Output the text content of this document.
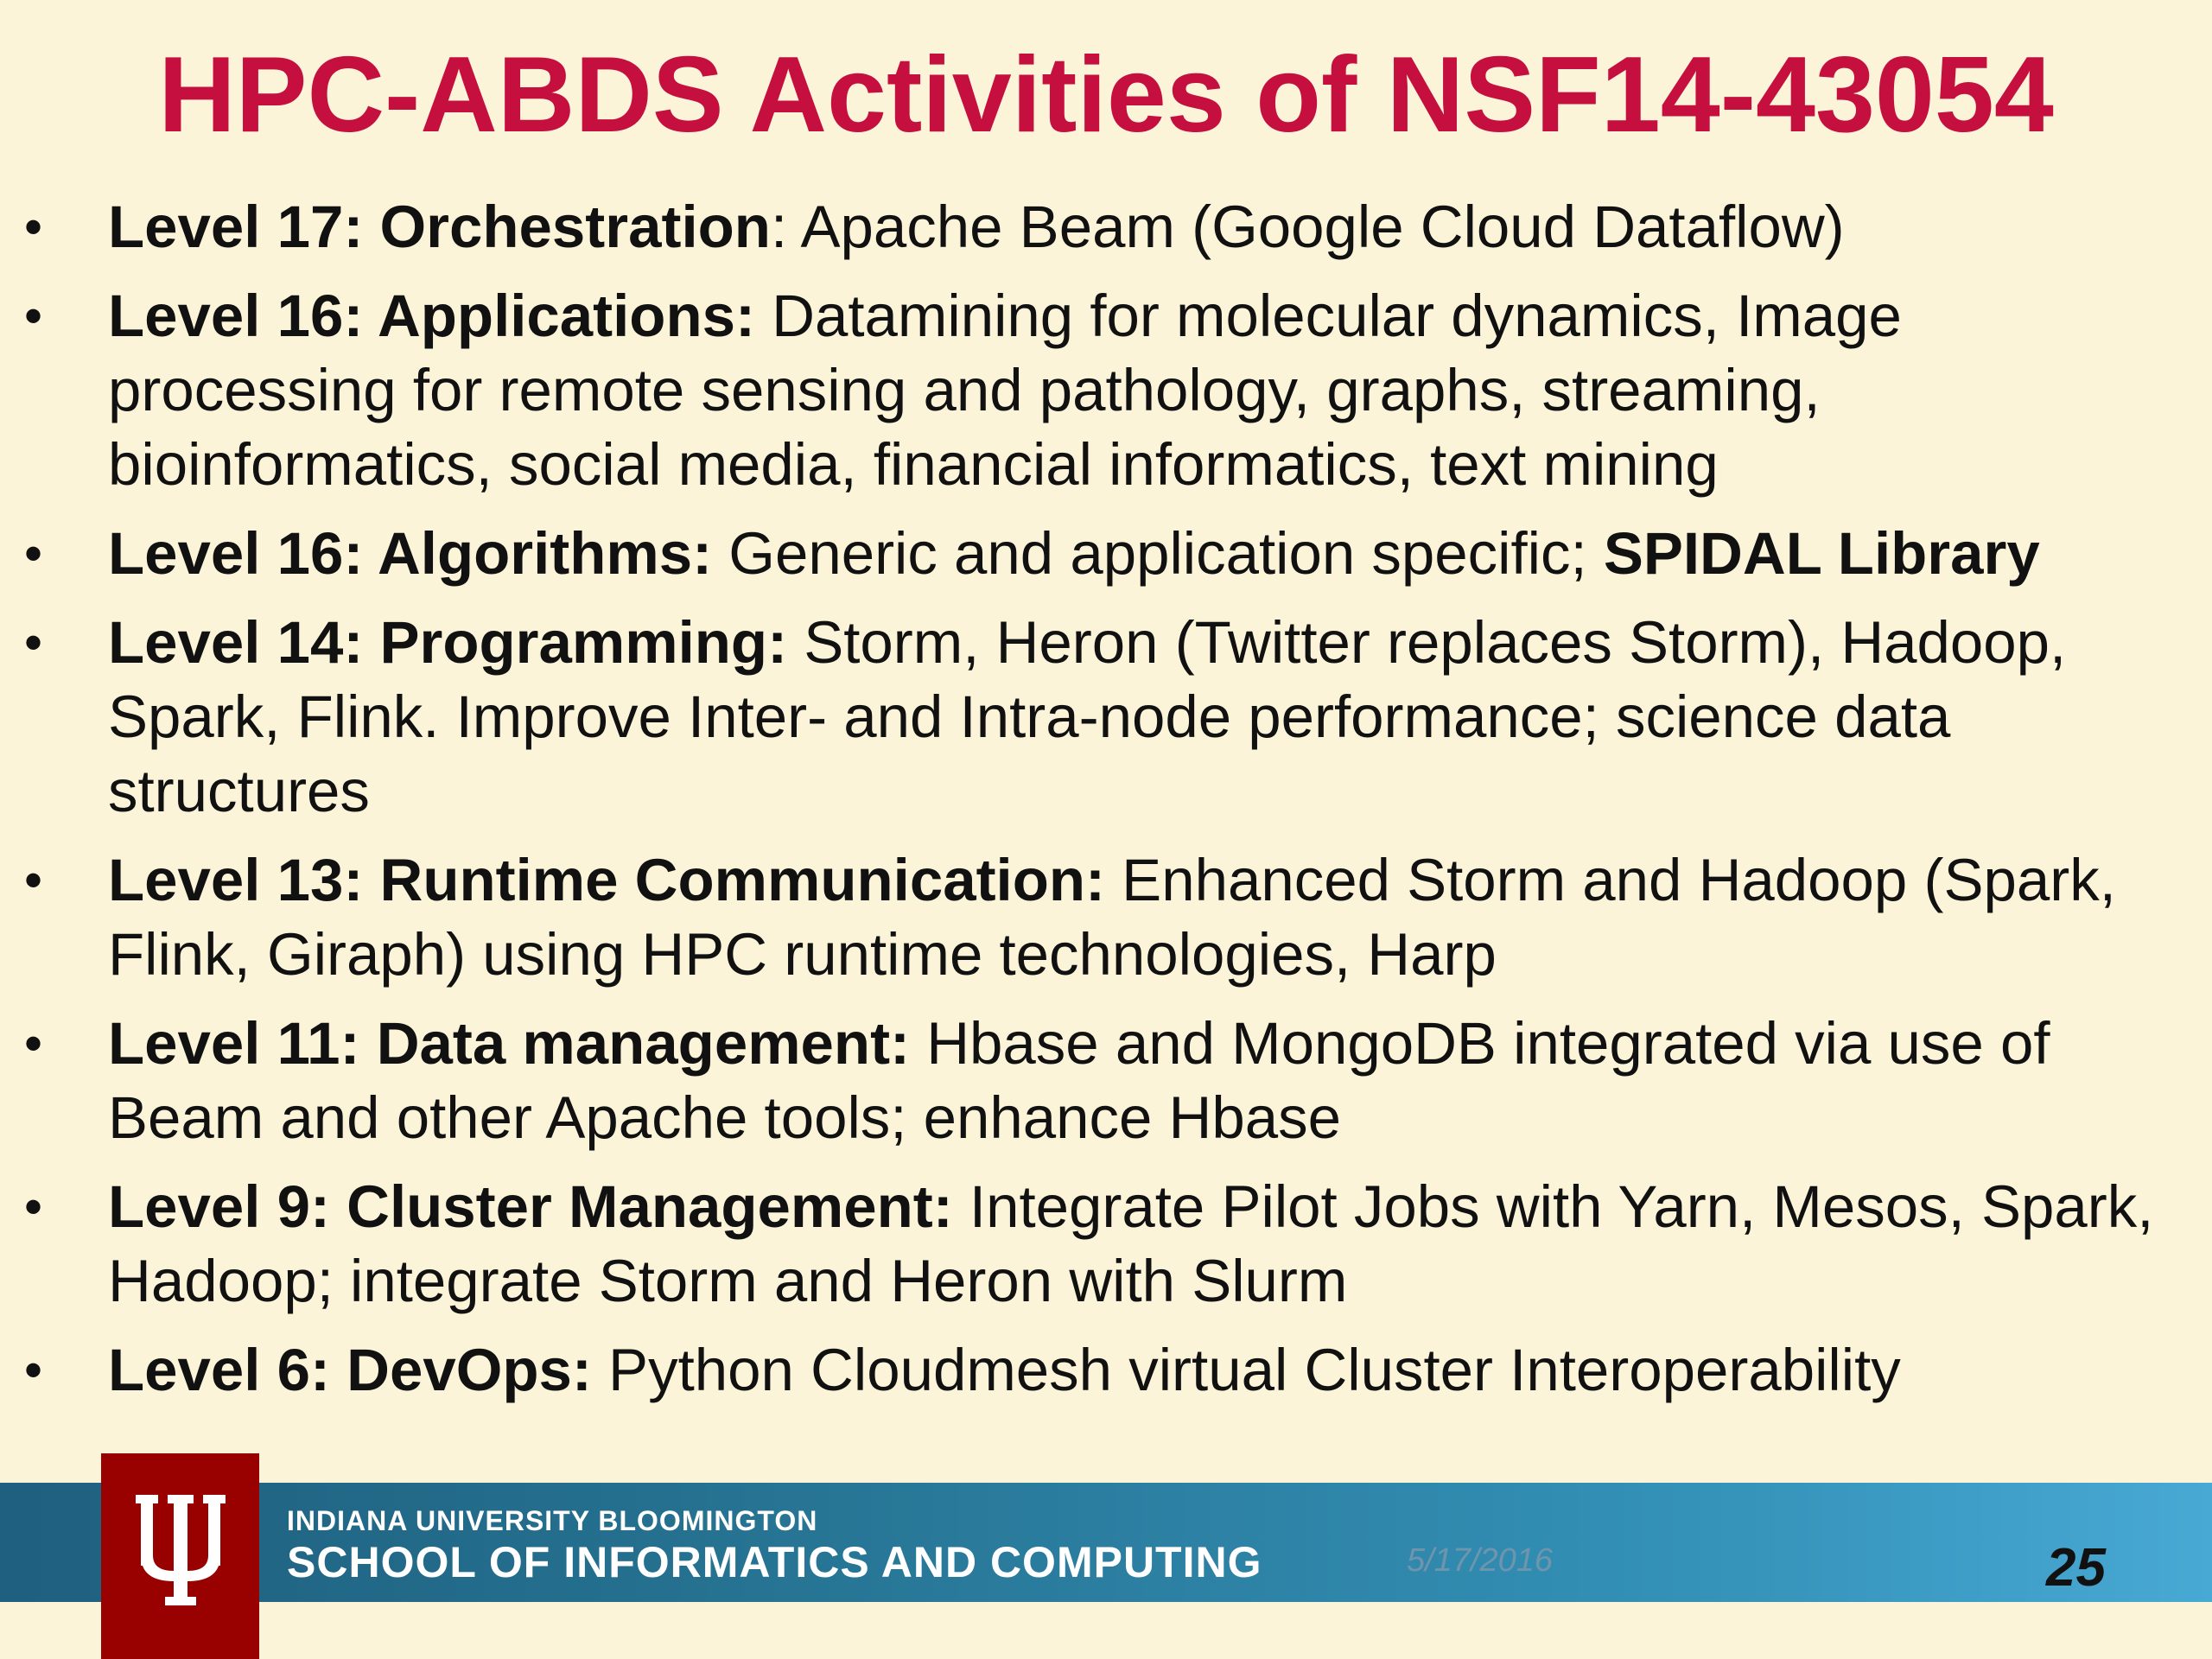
HPC-ABDS Activities of NSF14-43054
• Level 17: Orchestration: Apache Beam (Google Cloud Dataflow)
• Level 16: Applications: Datamining for molecular dynamics, Image processing for remote sensing and pathology, graphs, streaming, bioinformatics, social media, financial informatics, text mining
• Level 16: Algorithms: Generic and application specific; SPIDAL Library
• Level 14: Programming: Storm, Heron (Twitter replaces Storm), Hadoop, Spark, Flink. Improve Inter- and Intra-node performance; science data structures
• Level 13: Runtime Communication: Enhanced Storm and Hadoop (Spark, Flink, Giraph) using HPC runtime technologies, Harp
• Level 11: Data management: Hbase and MongoDB integrated via use of Beam and other Apache tools; enhance Hbase
• Level 9: Cluster Management: Integrate Pilot Jobs with Yarn, Mesos, Spark, Hadoop; integrate Storm and Heron with Slurm
• Level 6: DevOps: Python Cloudmesh virtual Cluster Interoperability
INDIANA UNIVERSITY BLOOMINGTON
SCHOOL OF INFORMATICS AND COMPUTING	5/17/2016	25
